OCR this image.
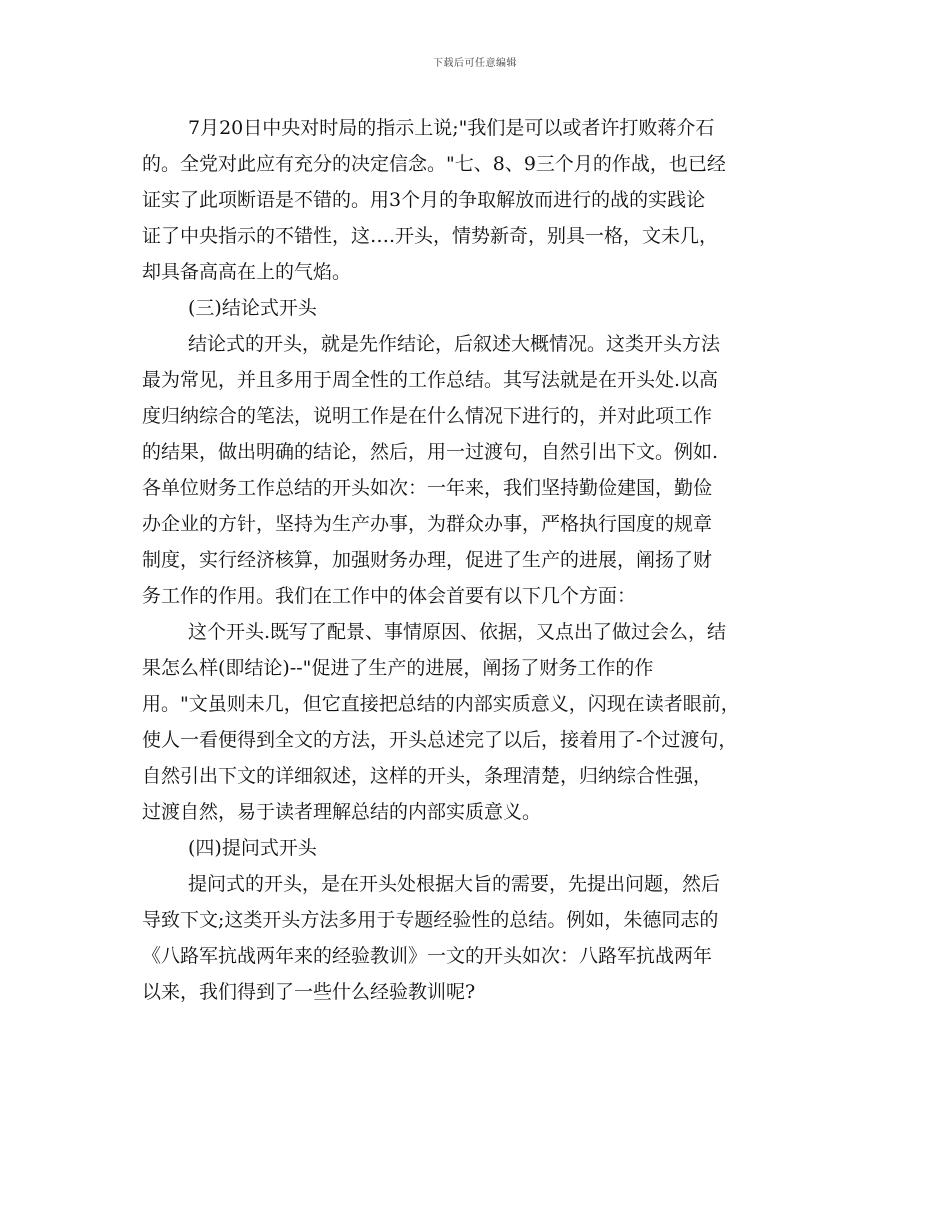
下载后可任意编辑
7月20日中央对时局的指示上说;"我们是可以或者许打败蒋介石
的。全党对此应有充分的决定信念。"七、8、9三个月的作战，也已经
证实了此项断语是不错的。用3个月的争取解放而进行的战的实践论
证了中央指示的不错性，这….开头，情势新奇，别具一格，文未几，
却具备高高在上的气焰。
(三)结论式开头
结论式的开头，就是先作结论，后叙述大概情况。这类开头方法
最为常见，并且多用于周全性的工作总结。其写法就是在开头处.以高
度归纳综合的笔法，说明工作是在什么情况下进行的，并对此项工作
的结果，做出明确的结论，然后，用一过渡句，自然引出下文。例如.
各单位财务工作总结的开头如次：一年来，我们坚持勤俭建国，勤俭
办企业的方针，坚持为生产办事，为群众办事，严格执行国度的规章
制度，实行经济核算，加强财务办理，促进了生产的进展，阐扬了财
务工作的作用。我们在工作中的体会首要有以下几个方面：
这个开头.既写了配景、事情原因、依据，又点出了做过会么，结
果怎么样(即结论)--"促进了生产的进展，阐扬了财务工作的作
用。"文虽则未几，但它直接把总结的内部实质意义，闪现在读者眼前，
使人一看便得到全文的方法，开头总述完了以后，接着用了-个过渡句，
自然引出下文的详细叙述，这样的开头，条理清楚，归纳综合性强，
过渡自然，易于读者理解总结的内部实质意义。
(四)提问式开头
提问式的开头，是在开头处根据大旨的需要，先提出问题，然后
导致下文;这类开头方法多用于专题经验性的总结。例如，朱德同志的
《八路军抗战两年来的经验教训》一文的开头如次：八路军抗战两年
以来，我们得到了一些什么经验教训呢?
